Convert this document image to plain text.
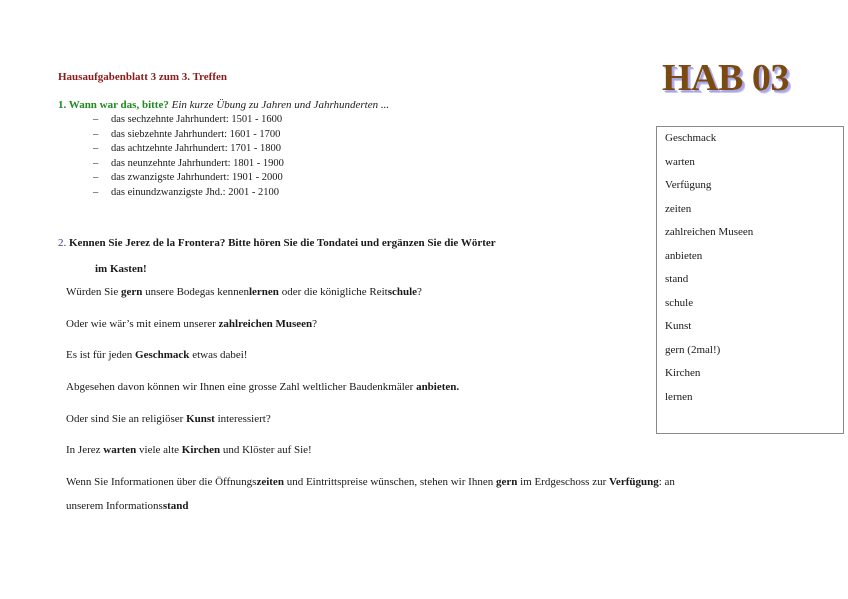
Hausaufgabenblatt 3 zum 3. Treffen	HAB 03
1. Wann war das, bitte? Ein kurze Übung zu Jahren und Jahrhunderten ...
– das sechzehnte Jahrhundert: 1501 - 1600
– das siebzehnte Jahrhundert: 1601 - 1700
– das achtzehnte Jahrhundert: 1701 - 1800
– das neunzehnte Jahrhundert: 1801 - 1900
– das zwanzigste Jahrhundert: 1901 - 2000
– das einundzwanzigste Jhd.: 2001 - 2100
2. Kennen Sie Jerez de la Frontera? Bitte hören Sie die Tondatei und ergänzen Sie die Wörter
im Kasten!
Würden Sie gern unsere Bodegas kennenlernen oder die königliche Reitschule?
Oder wie wär’s mit einem unserer zahlreichen Museen?
Es ist für jeden Geschmack etwas dabei!
Abgesehen davon können wir Ihnen eine grosse Zahl weltlicher Baudenkmäler anbieten.
Oder sind Sie an religiöser Kunst interessiert?
In Jerez warten viele alte Kirchen und Klöster auf Sie!
Wenn Sie Informationen über die Öffnungszeiten und Eintrittspreise wünschen, stehen wir Ihnen gern im Erdgeschoss zur Verfügung: an
unserem Informationsstand
Geschmack
warten
Verfügung
zeiten
zahlreichen Museen
anbieten
stand
schule
Kunst
gern (2mal!)
Kirchen
lernen
